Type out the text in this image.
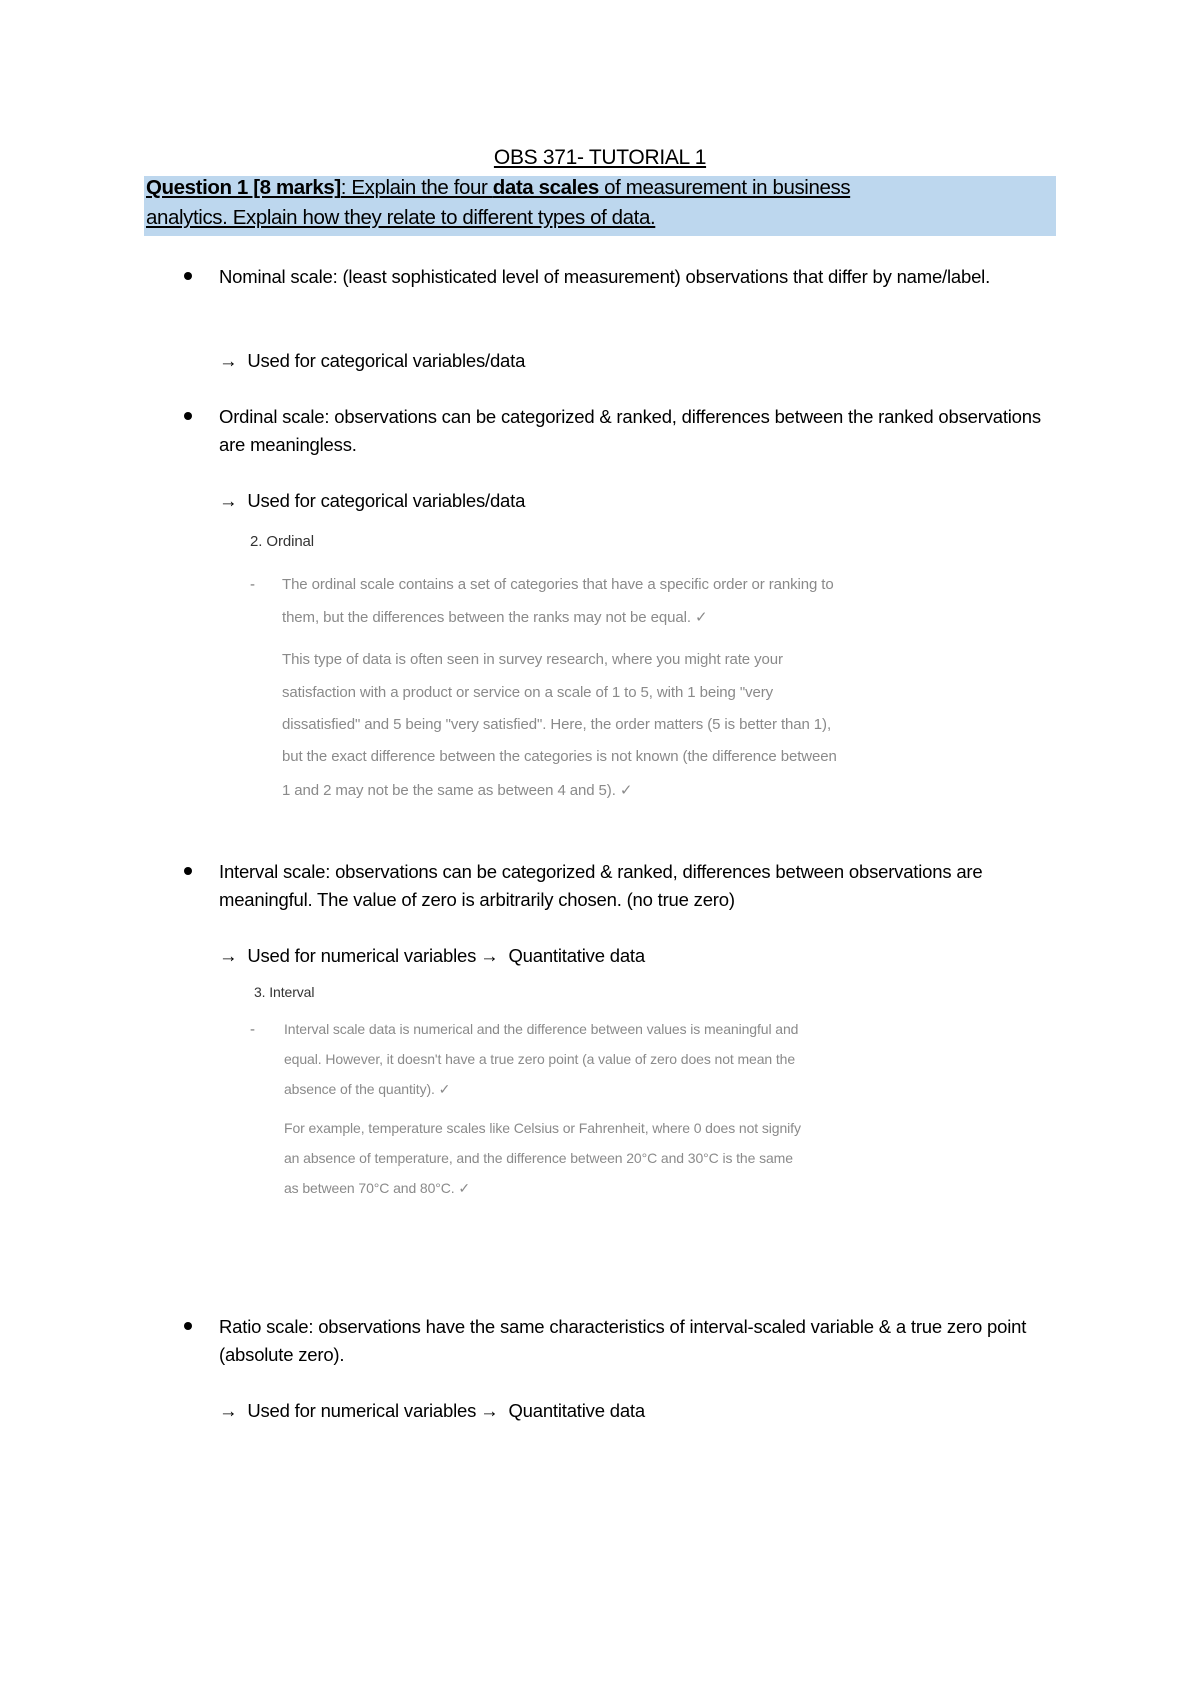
OBS 371- TUTORIAL 1
Question 1 [8 marks]: Explain the four data scales of measurement in business
analytics. Explain how they relate to different types of data.
Nominal scale: (least sophisticated level of measurement) observations that differ by name/label.
→ Used for categorical variables/data
Ordinal scale: observations can be categorized & ranked, differences between the ranked observations are meaningless.
→ Used for categorical variables/data
2. Ordinal
- The ordinal scale contains a set of categories that have a specific order or ranking to
them, but the differences between the ranks may not be equal. ✓
This type of data is often seen in survey research, where you might rate your
satisfaction with a product or service on a scale of 1 to 5, with 1 being "very
dissatisfied" and 5 being "very satisfied". Here, the order matters (5 is better than 1),
but the exact difference between the categories is not known (the difference between
1 and 2 may not be the same as between 4 and 5). ✓
Interval scale: observations can be categorized & ranked, differences between observations are meaningful. The value of zero is arbitrarily chosen. (no true zero)
→ Used for numerical variables → Quantitative data
3. Interval
- Interval scale data is numerical and the difference between values is meaningful and
equal. However, it doesn't have a true zero point (a value of zero does not mean the
absence of the quantity). ✓
For example, temperature scales like Celsius or Fahrenheit, where 0 does not signify
an absence of temperature, and the difference between 20°C and 30°C is the same
as between 70°C and 80°C. ✓
Ratio scale: observations have the same characteristics of interval-scaled variable & a true zero point (absolute zero).
→ Used for numerical variables → Quantitative data
